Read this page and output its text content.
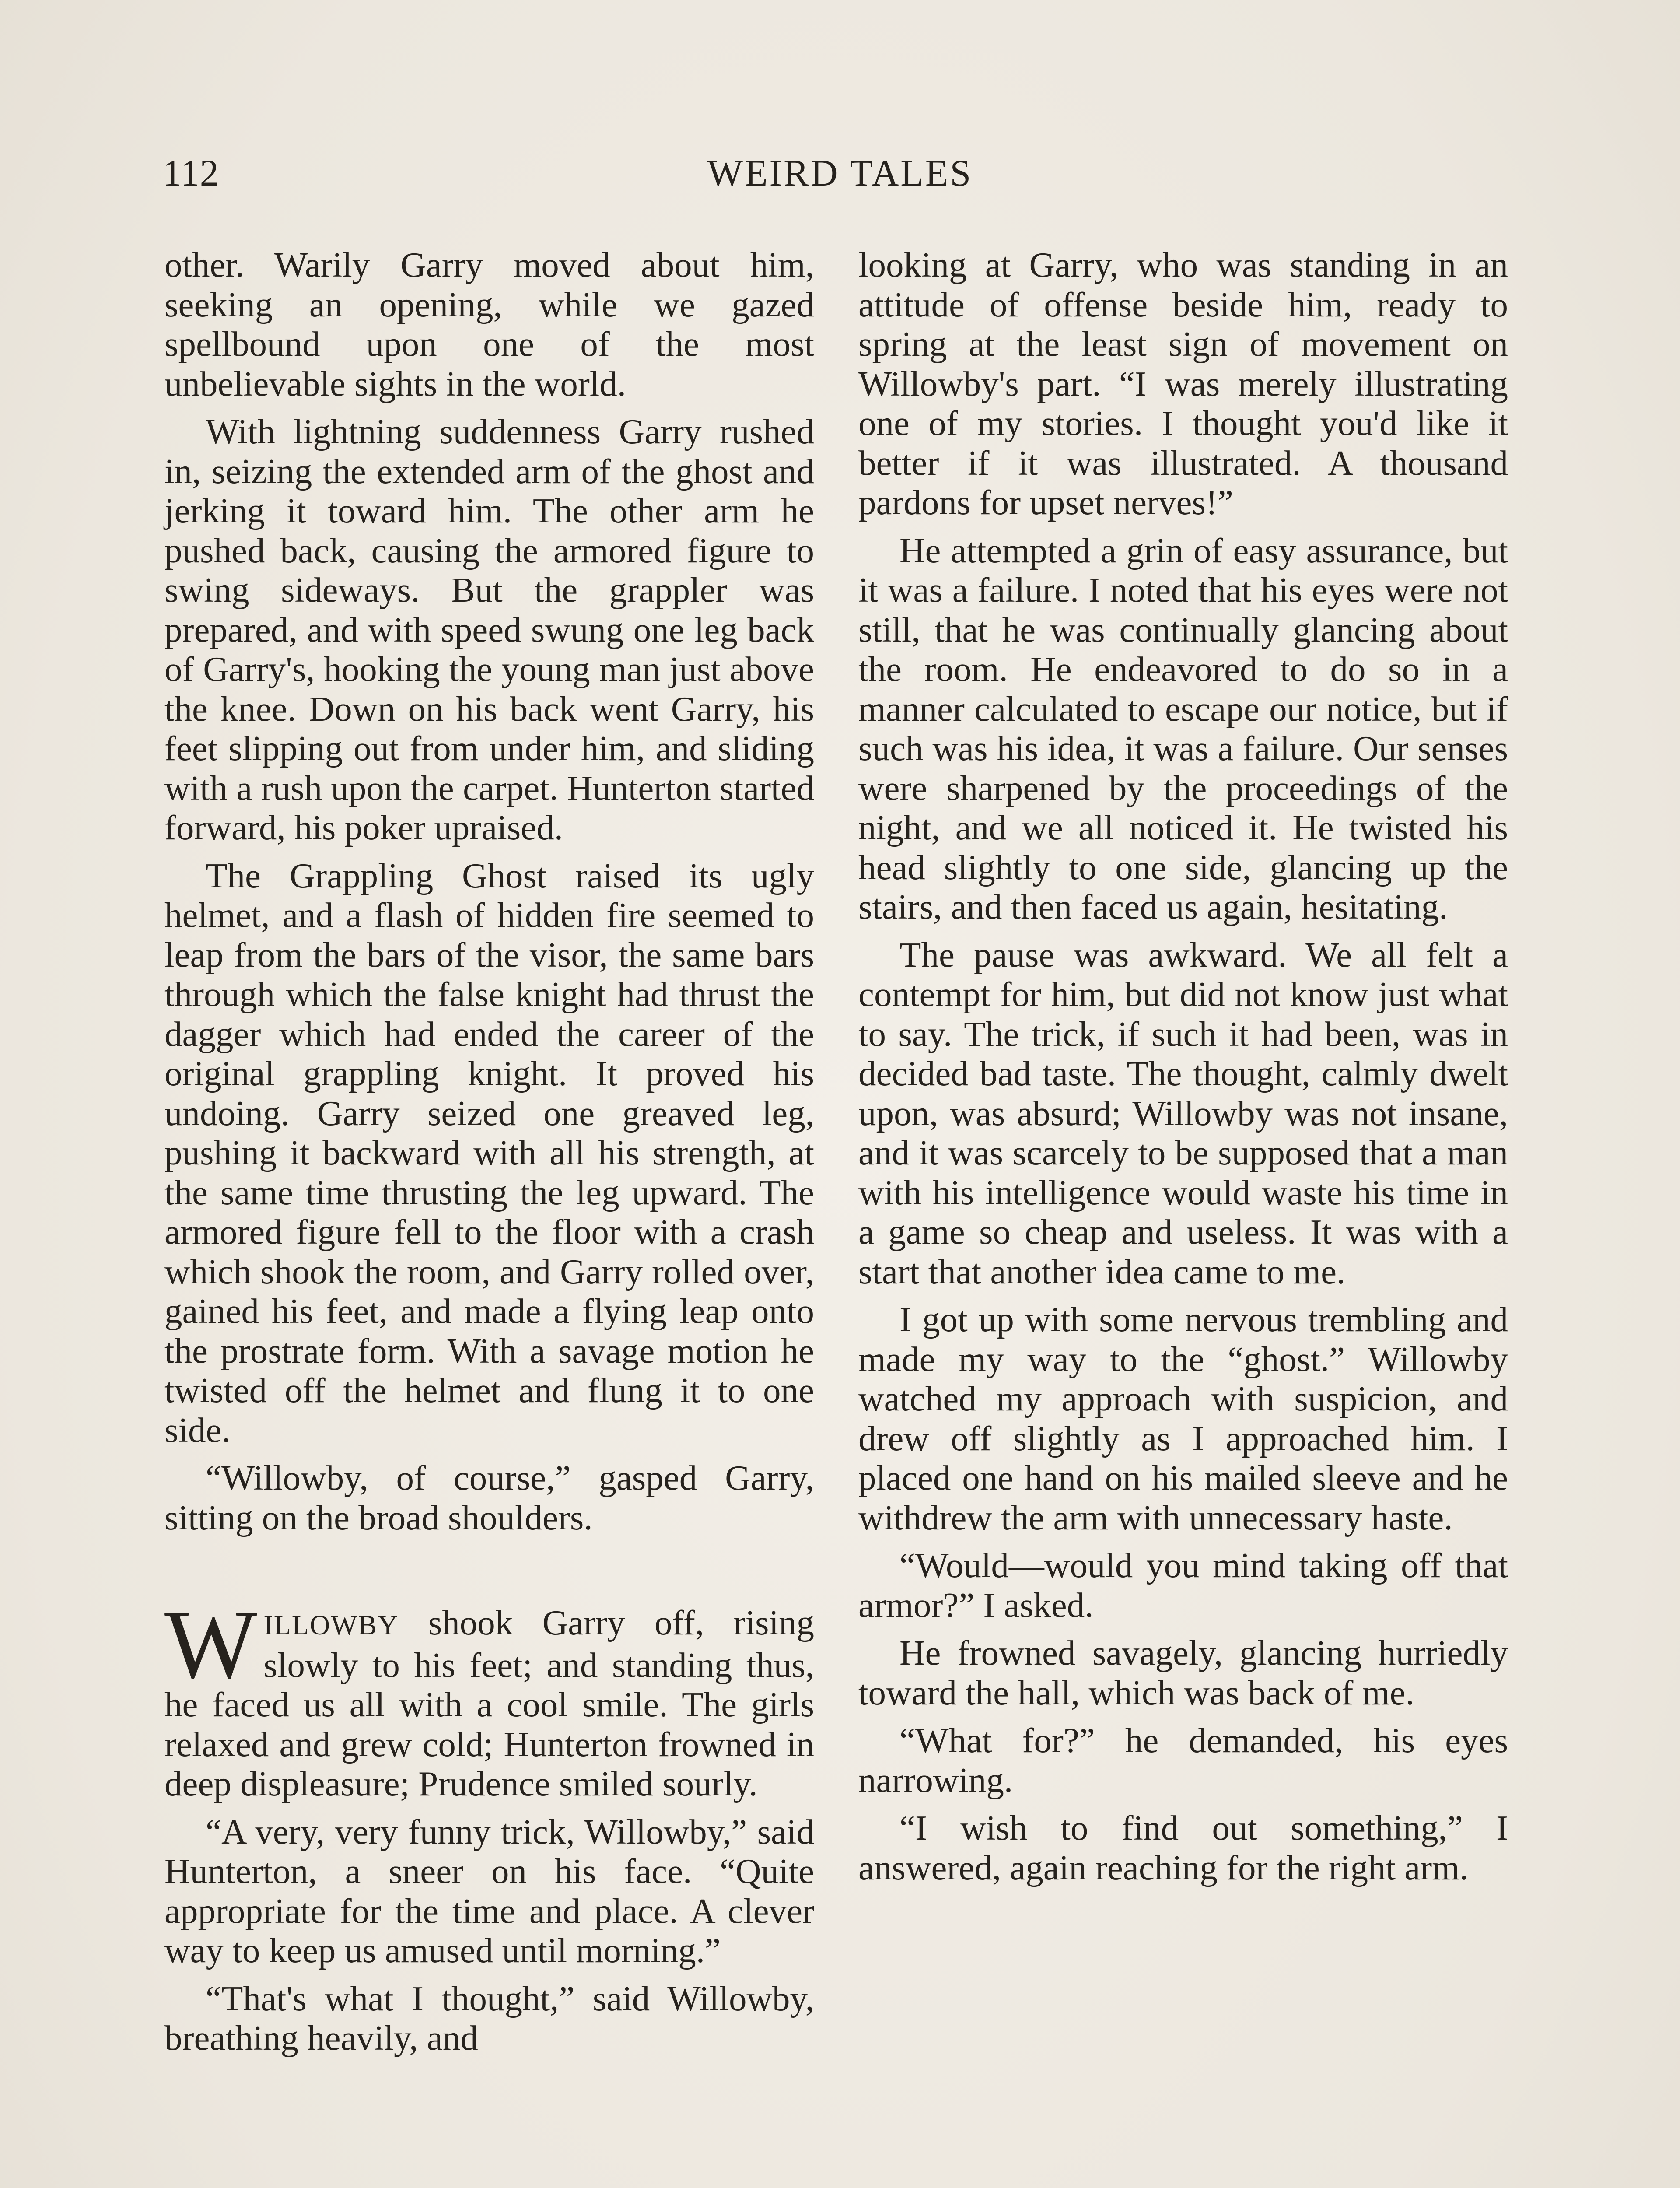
112	WEIRD TALES

other. Warily Garry moved about him, seeking an opening, while we gazed spellbound upon one of the most unbelievable sights in the world.

With lightning suddenness Garry rushed in, seizing the extended arm of the ghost and jerking it toward him. The other arm he pushed back, causing the armored figure to swing sideways. But the grappler was prepared, and with speed swung one leg back of Garry's, hooking the young man just above the knee. Down on his back went Garry, his feet slipping out from under him, and sliding with a rush upon the carpet. Hunterton started forward, his poker upraised.

The Grappling Ghost raised its ugly helmet, and a flash of hidden fire seemed to leap from the bars of the visor, the same bars through which the false knight had thrust the dagger which had ended the career of the original grappling knight. It proved his undoing. Garry seized one greaved leg, pushing it backward with all his strength, at the same time thrusting the leg upward. The armored figure fell to the floor with a crash which shook the room, and Garry rolled over, gained his feet, and made a flying leap onto the prostrate form. With a savage motion he twisted off the helmet and flung it to one side.

“Willowby, of course,” gasped Garry, sitting on the broad shoulders.

WILLOWBY shook Garry off, rising slowly to his feet; and standing thus, he faced us all with a cool smile. The girls relaxed and grew cold; Hunterton frowned in deep displeasure; Prudence smiled sourly.

“A very, very funny trick, Willowby,” said Hunterton, a sneer on his face. “Quite appropriate for the time and place. A clever way to keep us amused until morning.”

“That's what I thought,” said Willowby, breathing heavily, and

looking at Garry, who was standing in an attitude of offense beside him, ready to spring at the least sign of movement on Willowby's part. “I was merely illustrating one of my stories. I thought you'd like it better if it was illustrated. A thousand pardons for upset nerves!”

He attempted a grin of easy assurance, but it was a failure. I noted that his eyes were not still, that he was continually glancing about the room. He endeavored to do so in a manner calculated to escape our notice, but if such was his idea, it was a failure. Our senses were sharpened by the proceedings of the night, and we all noticed it. He twisted his head slightly to one side, glancing up the stairs, and then faced us again, hesitating.

The pause was awkward. We all felt a contempt for him, but did not know just what to say. The trick, if such it had been, was in decided bad taste. The thought, calmly dwelt upon, was absurd; Willowby was not insane, and it was scarcely to be supposed that a man with his intelligence would waste his time in a game so cheap and useless. It was with a start that another idea came to me.

I got up with some nervous trembling and made my way to the “ghost.” Willowby watched my approach with suspicion, and drew off slightly as I approached him. I placed one hand on his mailed sleeve and he withdrew the arm with unnecessary haste.

“Would—would you mind taking off that armor?” I asked.

He frowned savagely, glancing hurriedly toward the hall, which was back of me.

“What for?” he demanded, his eyes narrowing.

“I wish to find out something,” I answered, again reaching for the right arm.
